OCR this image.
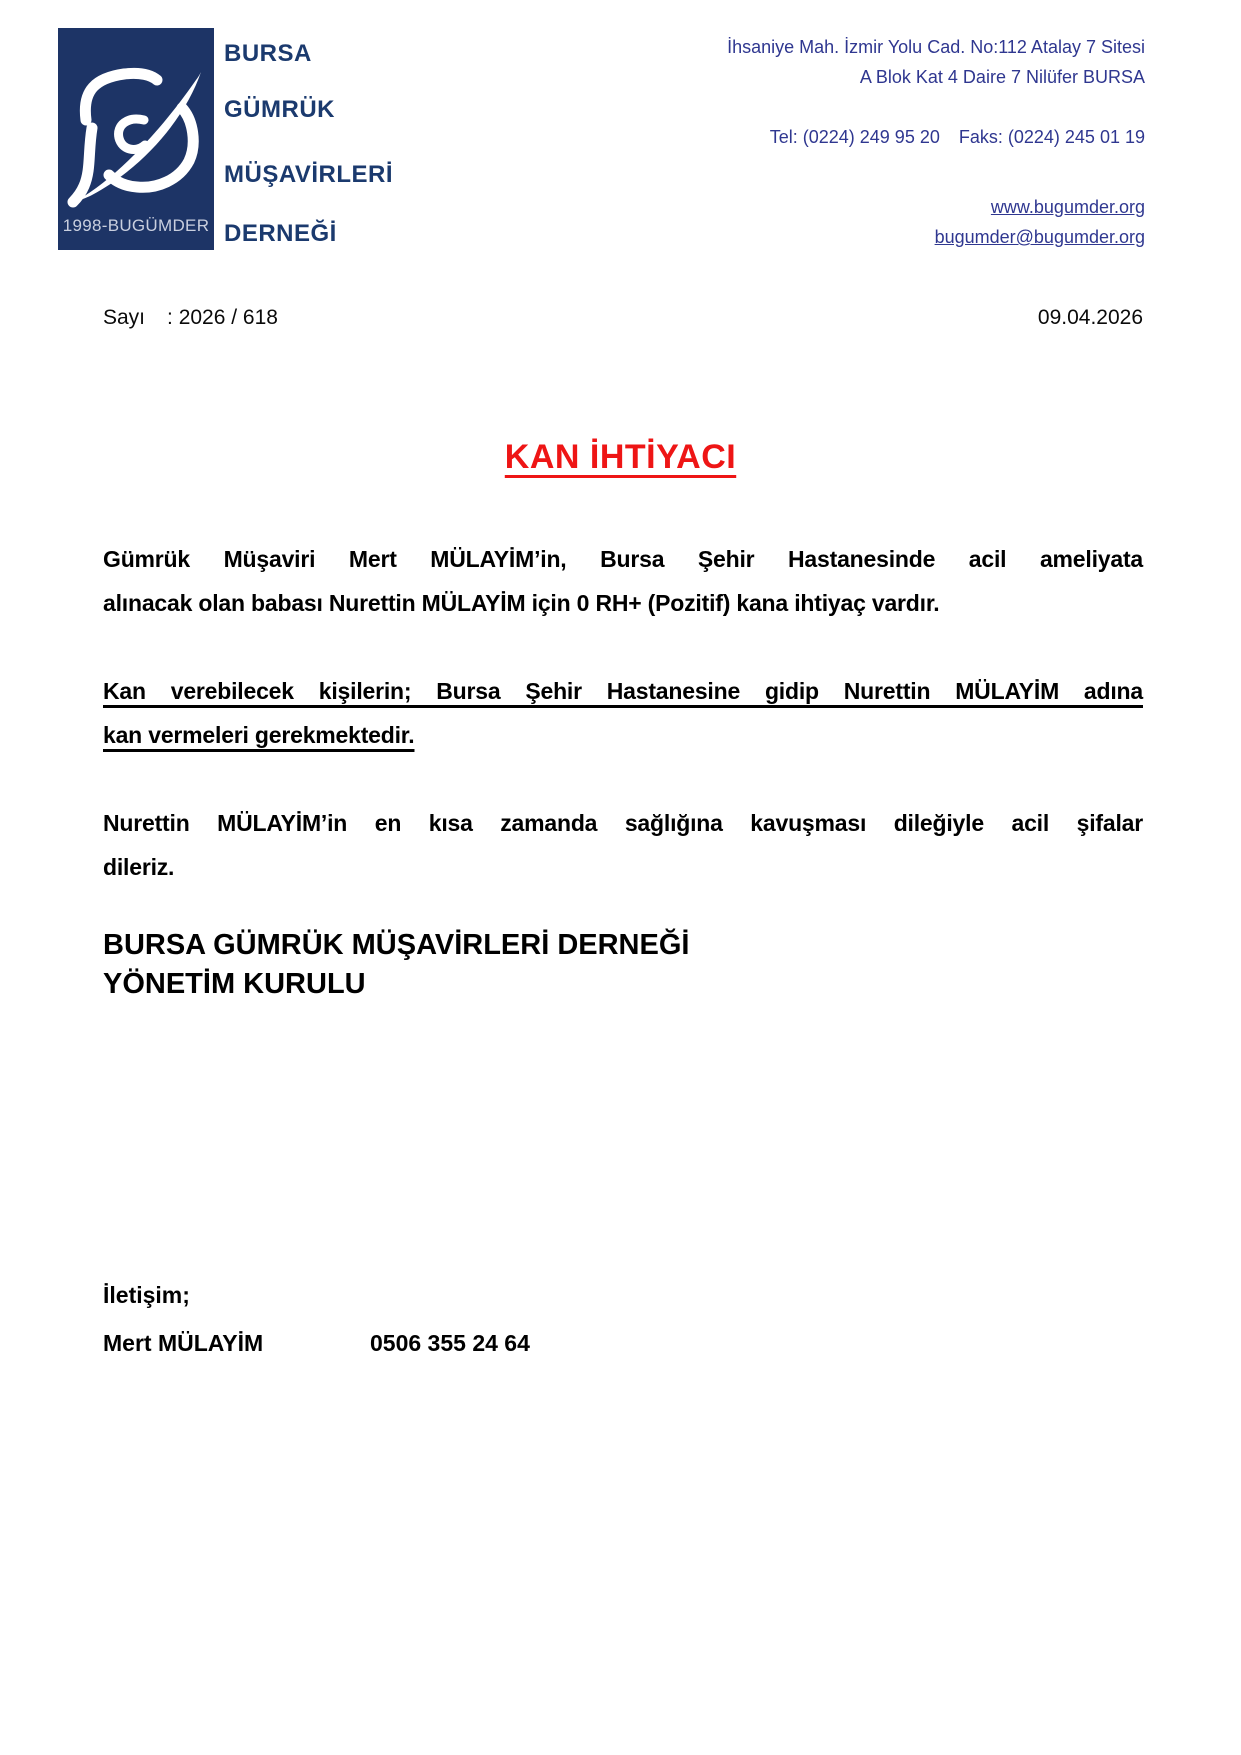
1998-BUGÜMDER
BURSA
GÜMRÜK
MÜŞAVİRLERİ
DERNEĞİ
İhsaniye Mah. İzmir Yolu Cad. No:112 Atalay 7 Sitesi
A Blok Kat 4 Daire 7 Nilüfer BURSA
Tel: (0224) 249 95 20 Faks: (0224) 245 01 19
www.bugumder.org
bugumder@bugumder.org
Sayı : 2026 / 618	09.04.2026
KAN İHTİYACI
Gümrük Müşaviri Mert MÜLAYİM’in, Bursa Şehir Hastanesinde acil ameliyata
alınacak olan babası Nurettin MÜLAYİM için 0 RH+ (Pozitif) kana ihtiyaç vardır.
Kan verebilecek kişilerin; Bursa Şehir Hastanesine gidip Nurettin MÜLAYİM adına
kan vermeleri gerekmektedir.
Nurettin MÜLAYİM’in en kısa zamanda sağlığına kavuşması dileğiyle acil şifalar
dileriz.
BURSA GÜMRÜK MÜŞAVİRLERİ DERNEĞİ
YÖNETİM KURULU
İletişim;
Mert MÜLAYİM	0506 355 24 64
